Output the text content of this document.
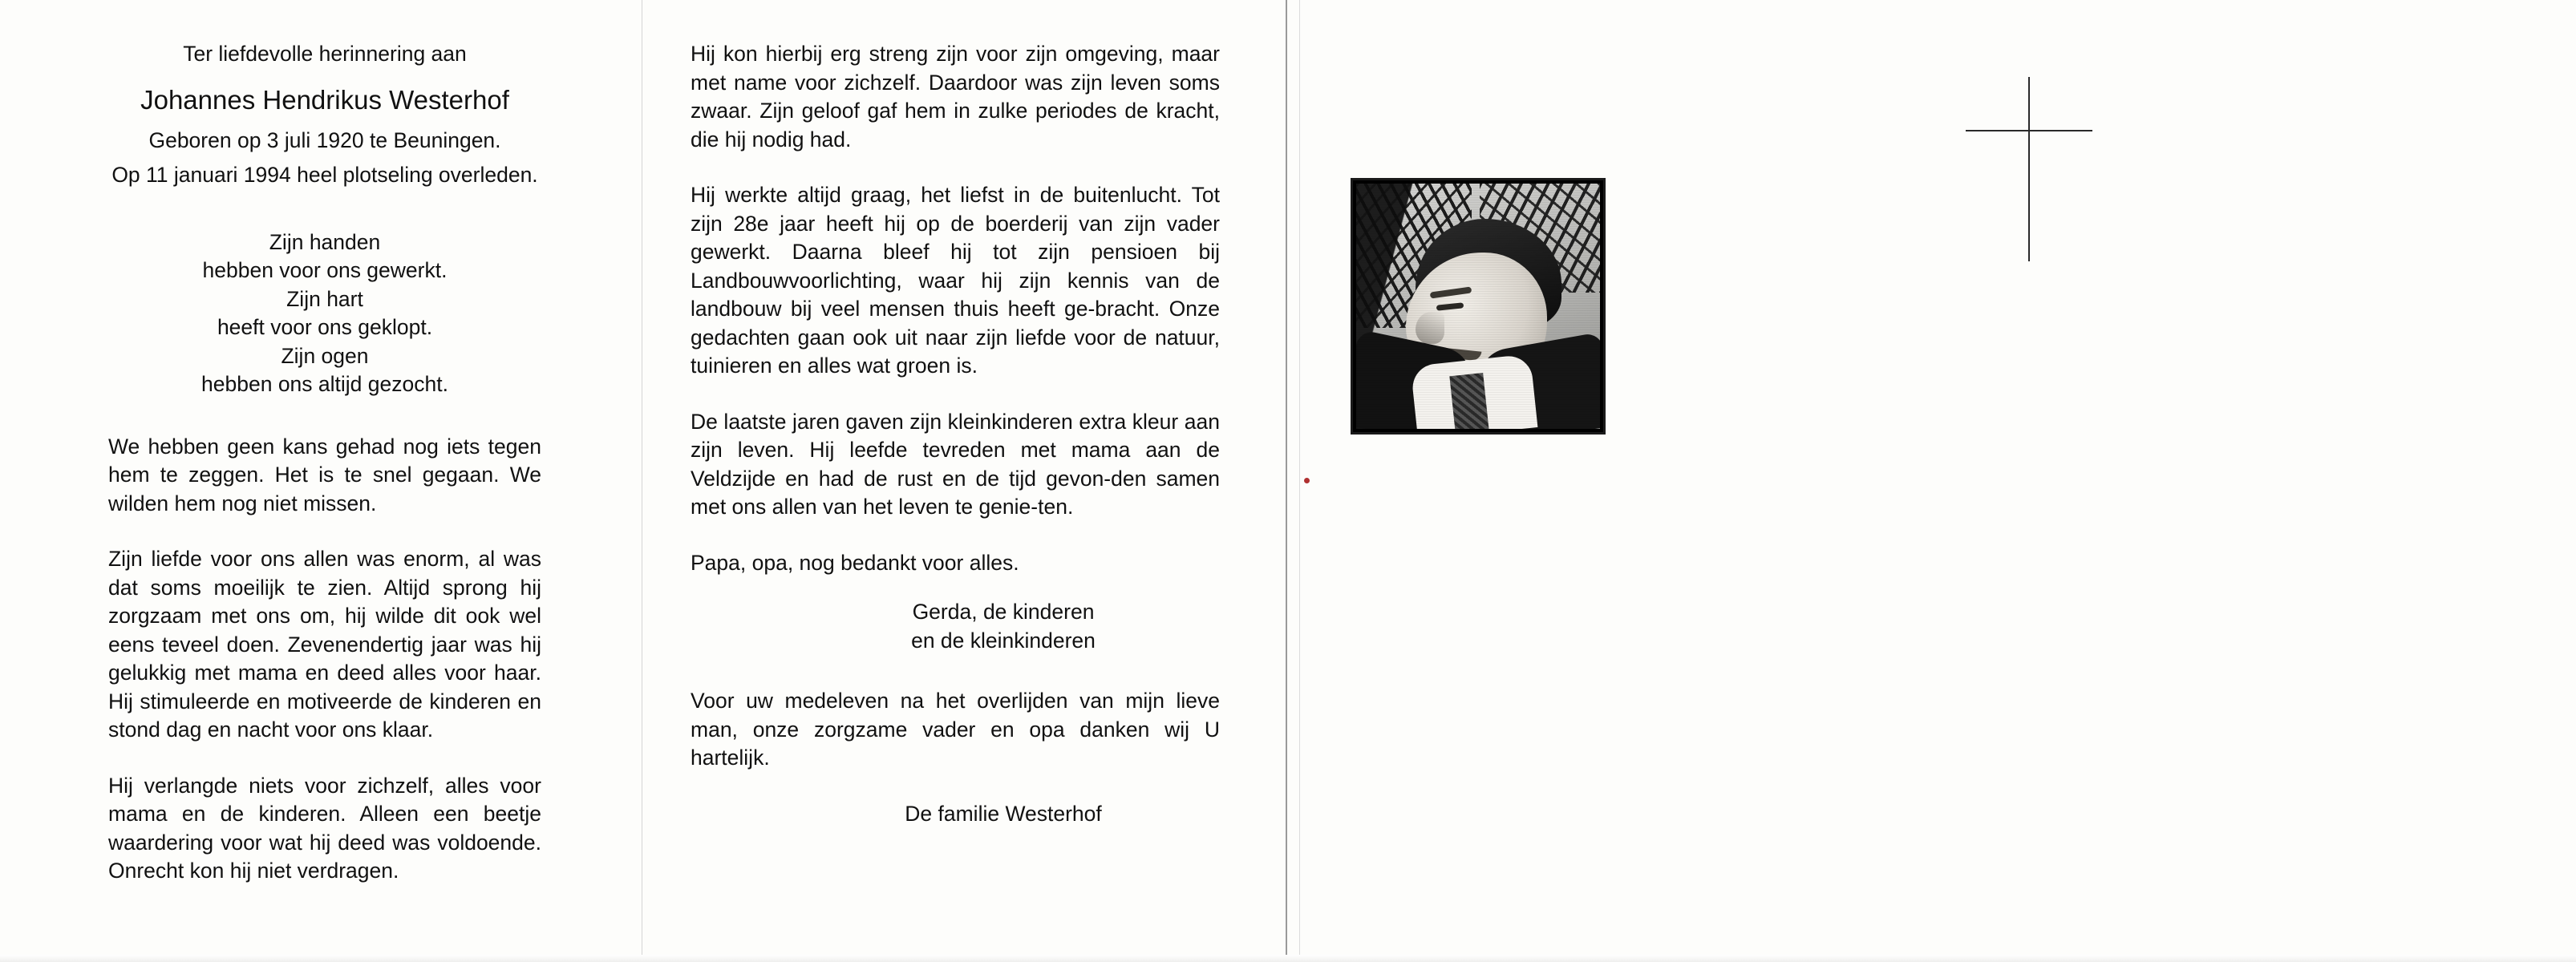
Ter liefdevolle herinnering aan
Johannes Hendrikus Westerhof
Geboren op 3 juli 1920 te Beuningen.
Op 11 januari 1994 heel plotseling overleden.
Zijn handen
hebben voor ons gewerkt.
Zijn hart
heeft voor ons geklopt.
Zijn ogen
hebben ons altijd gezocht.

We hebben geen kans gehad nog iets tegen hem te zeggen. Het is te snel gegaan. We wilden hem nog niet missen.

Zijn liefde voor ons allen was enorm, al was dat soms moeilijk te zien. Altijd sprong hij zorgzaam met ons om, hij wilde dit ook wel eens teveel doen. Zevenendertig jaar was hij gelukkig met mama en deed alles voor haar. Hij stimuleerde en motiveerde de kinderen en stond dag en nacht voor ons klaar.

Hij verlangde niets voor zichzelf, alles voor mama en de kinderen. Alleen een beetje waardering voor wat hij deed was voldoende. Onrecht kon hij niet verdragen.

Hij kon hierbij erg streng zijn voor zijn omgeving, maar met name voor zichzelf. Daardoor was zijn leven soms zwaar. Zijn geloof gaf hem in zulke periodes de kracht, die hij nodig had.

Hij werkte altijd graag, het liefst in de buitenlucht. Tot zijn 28e jaar heeft hij op de boerderij van zijn vader gewerkt. Daarna bleef hij tot zijn pensioen bij Landbouwvoorlichting, waar hij zijn kennis van de landbouw bij veel mensen thuis heeft ge-bracht. Onze gedachten gaan ook uit naar zijn liefde voor de natuur, tuinieren en alles wat groen is.

De laatste jaren gaven zijn kleinkinderen extra kleur aan zijn leven. Hij leefde tevreden met mama aan de Veldzijde en had de rust en de tijd gevon-den samen met ons allen van het leven te genie-ten.

Papa, opa, nog bedankt voor alles.

Gerda, de kinderen
en de kleinkinderen

Voor uw medeleven na het overlijden van mijn lieve man, onze zorgzame vader en opa danken wij U hartelijk.

De familie Westerhof
